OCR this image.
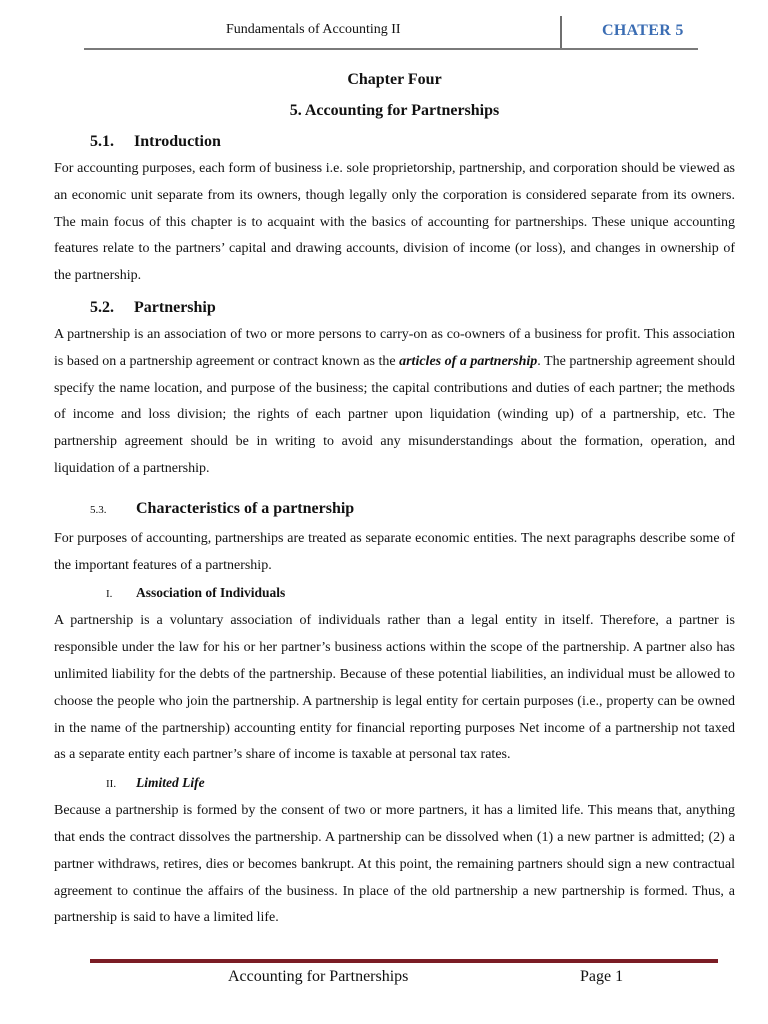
Fundamentals of Accounting II	CHATER 5

Chapter Four

5. Accounting for Partnerships

5.1. Introduction

For accounting purposes, each form of business i.e. sole proprietorship, partnership, and corporation should be viewed as an economic unit separate from its owners, though legally only the corporation is considered separate from its owners. The main focus of this chapter is to acquaint with the basics of accounting for partnerships. These unique accounting features relate to the partners’ capital and drawing accounts, division of income (or loss), and changes in ownership of the partnership.

5.2. Partnership

A partnership is an association of two or more persons to carry-on as co-owners of a business for profit. This association is based on a partnership agreement or contract known as the articles of a partnership. The partnership agreement should specify the name location, and purpose of the business; the capital contributions and duties of each partner; the methods of income and loss division; the rights of each partner upon liquidation (winding up) of a partnership, etc. The partnership agreement should be in writing to avoid any misunderstandings about the formation, operation, and liquidation of a partnership.

5.3. Characteristics of a partnership

For purposes of accounting, partnerships are treated as separate economic entities. The next paragraphs describe some of the important features of a partnership.

I. Association of Individuals

A partnership is a voluntary association of individuals rather than a legal entity in itself. Therefore, a partner is responsible under the law for his or her partner’s business actions within the scope of the partnership. A partner also has unlimited liability for the debts of the partnership. Because of these potential liabilities, an individual must be allowed to choose the people who join the partnership. A partnership is legal entity for certain purposes (i.e., property can be owned in the name of the partnership) accounting entity for financial reporting purposes Net income of a partnership not taxed as a separate entity each partner’s share of income is taxable at personal tax rates.

II. Limited Life

Because a partnership is formed by the consent of two or more partners, it has a limited life. This means that, anything that ends the contract dissolves the partnership. A partnership can be dissolved when (1) a new partner is admitted; (2) a partner withdraws, retires, dies or becomes bankrupt. At this point, the remaining partners should sign a new contractual agreement to continue the affairs of the business. In place of the old partnership a new partnership is formed. Thus, a partnership is said to have a limited life.

Accounting for Partnerships	Page 1
